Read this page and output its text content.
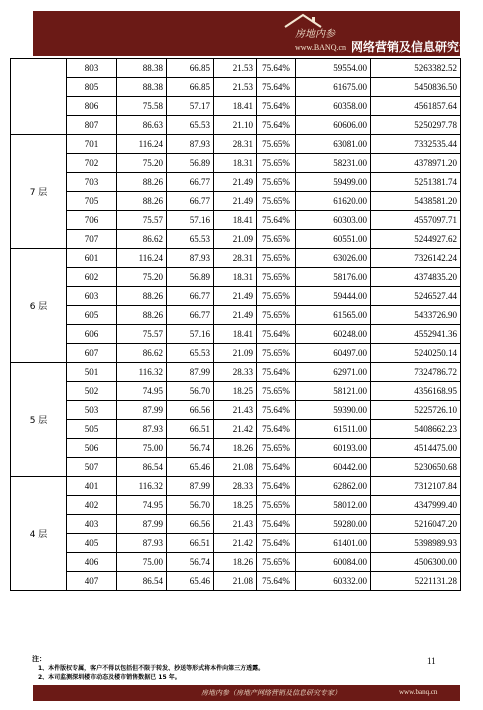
房地内参
www.BANQ.cn 网络营销及信息研究专家
	803	88.38	66.85	21.53	75.64%	59554.00	5263382.52
	805	88.38	66.85	21.53	75.64%	61675.00	5450836.50
	806	75.58	57.17	18.41	75.64%	60358.00	4561857.64
	807	86.63	65.53	21.10	75.64%	60606.00	5250297.78
7 层	701	116.24	87.93	28.31	75.65%	63081.00	7332535.44
	702	75.20	56.89	18.31	75.65%	58231.00	4378971.20
	703	88.26	66.77	21.49	75.65%	59499.00	5251381.74
	705	88.26	66.77	21.49	75.65%	61620.00	5438581.20
	706	75.57	57.16	18.41	75.64%	60303.00	4557097.71
	707	86.62	65.53	21.09	75.65%	60551.00	5244927.62
6 层	601	116.24	87.93	28.31	75.65%	63026.00	7326142.24
	602	75.20	56.89	18.31	75.65%	58176.00	4374835.20
	603	88.26	66.77	21.49	75.65%	59444.00	5246527.44
	605	88.26	66.77	21.49	75.65%	61565.00	5433726.90
	606	75.57	57.16	18.41	75.64%	60248.00	4552941.36
	607	86.62	65.53	21.09	75.65%	60497.00	5240250.14
5 层	501	116.32	87.99	28.33	75.64%	62971.00	7324786.72
	502	74.95	56.70	18.25	75.65%	58121.00	4356168.95
	503	87.99	66.56	21.43	75.64%	59390.00	5225726.10
	505	87.93	66.51	21.42	75.64%	61511.00	5408662.23
	506	75.00	56.74	18.26	75.65%	60193.00	4514475.00
	507	86.54	65.46	21.08	75.64%	60442.00	5230650.68
4 层	401	116.32	87.99	28.33	75.64%	62862.00	7312107.84
	402	74.95	56.70	18.25	75.65%	58012.00	4347999.40
	403	87.99	66.56	21.43	75.64%	59280.00	5216047.20
	405	87.93	66.51	21.42	75.64%	61401.00	5398989.93
	406	75.00	56.74	18.26	75.65%	60084.00	4506300.00
	407	86.54	65.46	21.08	75.64%	60332.00	5221131.28
注：
1、本件版权专属，客户不得以包括但不限于转发、抄送等形式将本件向第三方透露。
2、本司监测深圳楼市动态及楼市销售数据已 15 年。
11
房地内参（房地产网络营销及信息研究专家）	www.banq.cn
